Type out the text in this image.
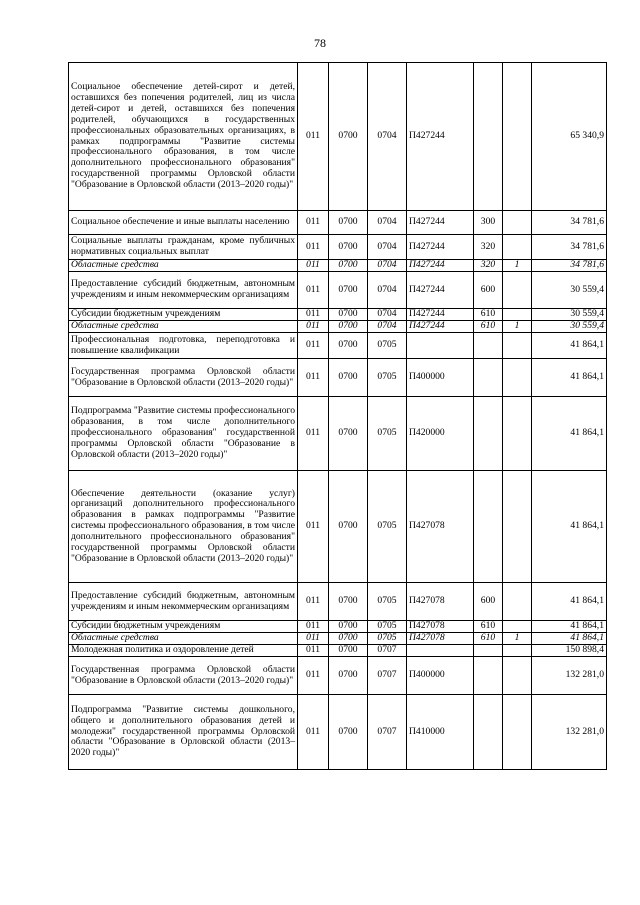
78
Социальное обеспечение детей-сирот и детей, оставшихся без попечения родителей, лиц из числа детей-сирот и детей, оставшихся без попечения родителей, обучающихся в государственных профессиональных образовательных организациях, в рамках подпрограммы "Развитие системы профессионального образования, в том числе дополнительного профессионального образования" государственной программы Орловской области "Образование в Орловской области (2013–2020 годы)"	011	0700	0704	П427244			65 340,9
Социальное обеспечение и иные выплаты населению	011	0700	0704	П427244	300		34 781,6
Социальные выплаты гражданам, кроме публичных нормативных социальных выплат	011	0700	0704	П427244	320		34 781,6
Областные средства	011	0700	0704	П427244	320	1	34 781,6
Предоставление субсидий бюджетным, автономным учреждениям и иным некоммерческим организациям	011	0700	0704	П427244	600		30 559,4
Субсидии бюджетным учреждениям	011	0700	0704	П427244	610		30 559,4
Областные средства	011	0700	0704	П427244	610	1	30 559,4
Профессиональная подготовка, переподготовка и повышение квалификации	011	0700	0705				41 864,1
Государственная программа Орловской области "Образование в Орловской области (2013–2020 годы)"	011	0700	0705	П400000			41 864,1
Подпрограмма "Развитие системы профессионального образования, в том числе дополнительного профессионального образования" государственной программы Орловской области "Образование в Орловской области (2013–2020 годы)"	011	0700	0705	П420000			41 864,1
Обеспечение деятельности (оказание услуг) организаций дополнительного профессионального образования в рамках подпрограммы "Развитие системы профессионального образования, в том числе дополнительного профессионального образования" государственной программы Орловской области "Образование в Орловской области (2013–2020 годы)"	011	0700	0705	П427078			41 864,1
Предоставление субсидий бюджетным, автономным учреждениям и иным некоммерческим организациям	011	0700	0705	П427078	600		41 864,1
Субсидии бюджетным учреждениям	011	0700	0705	П427078	610		41 864,1
Областные средства	011	0700	0705	П427078	610	1	41 864,1
Молодежная политика и оздоровление детей	011	0700	0707				150 898,4
Государственная программа Орловской области "Образование в Орловской области (2013–2020 годы)"	011	0700	0707	П400000			132 281,0
Подпрограмма "Развитие системы дошкольного, общего и дополнительного образования детей и молодежи" государственной программы Орловской области "Образование в Орловской области (2013–2020 годы)"	011	0700	0707	П410000			132 281,0
